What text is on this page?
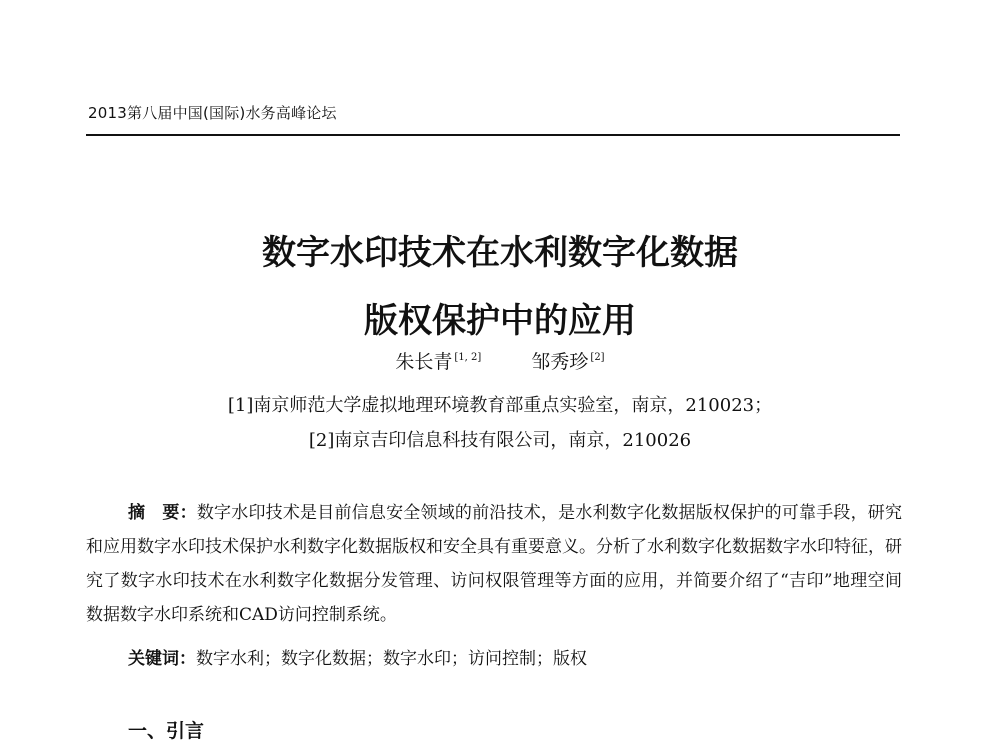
2013第八届中国(国际)水务高峰论坛
数字水印技术在水利数字化数据
版权保护中的应用
朱长青 [1, 2]	邹秀珍 [2]
[1]南京师范大学虚拟地理环境教育部重点实验室，南京，210023；
[2]南京吉印信息科技有限公司，南京，210026

摘　要：数字水印技术是目前信息安全领域的前沿技术，是水利数字化数据版权保护的可靠手段，研究和应用数字水印技术保护水利数字化数据版权和安全具有重要意义。分析了水利数字化数据数字水印特征，研究了数字水印技术在水利数字化数据分发管理、访问权限管理等方面的应用，并简要介绍了“吉印”地理空间数据数字水印系统和CAD访问控制系统。

关键词：数字水利；数字化数据；数字水印；访问控制；版权
一、引言
